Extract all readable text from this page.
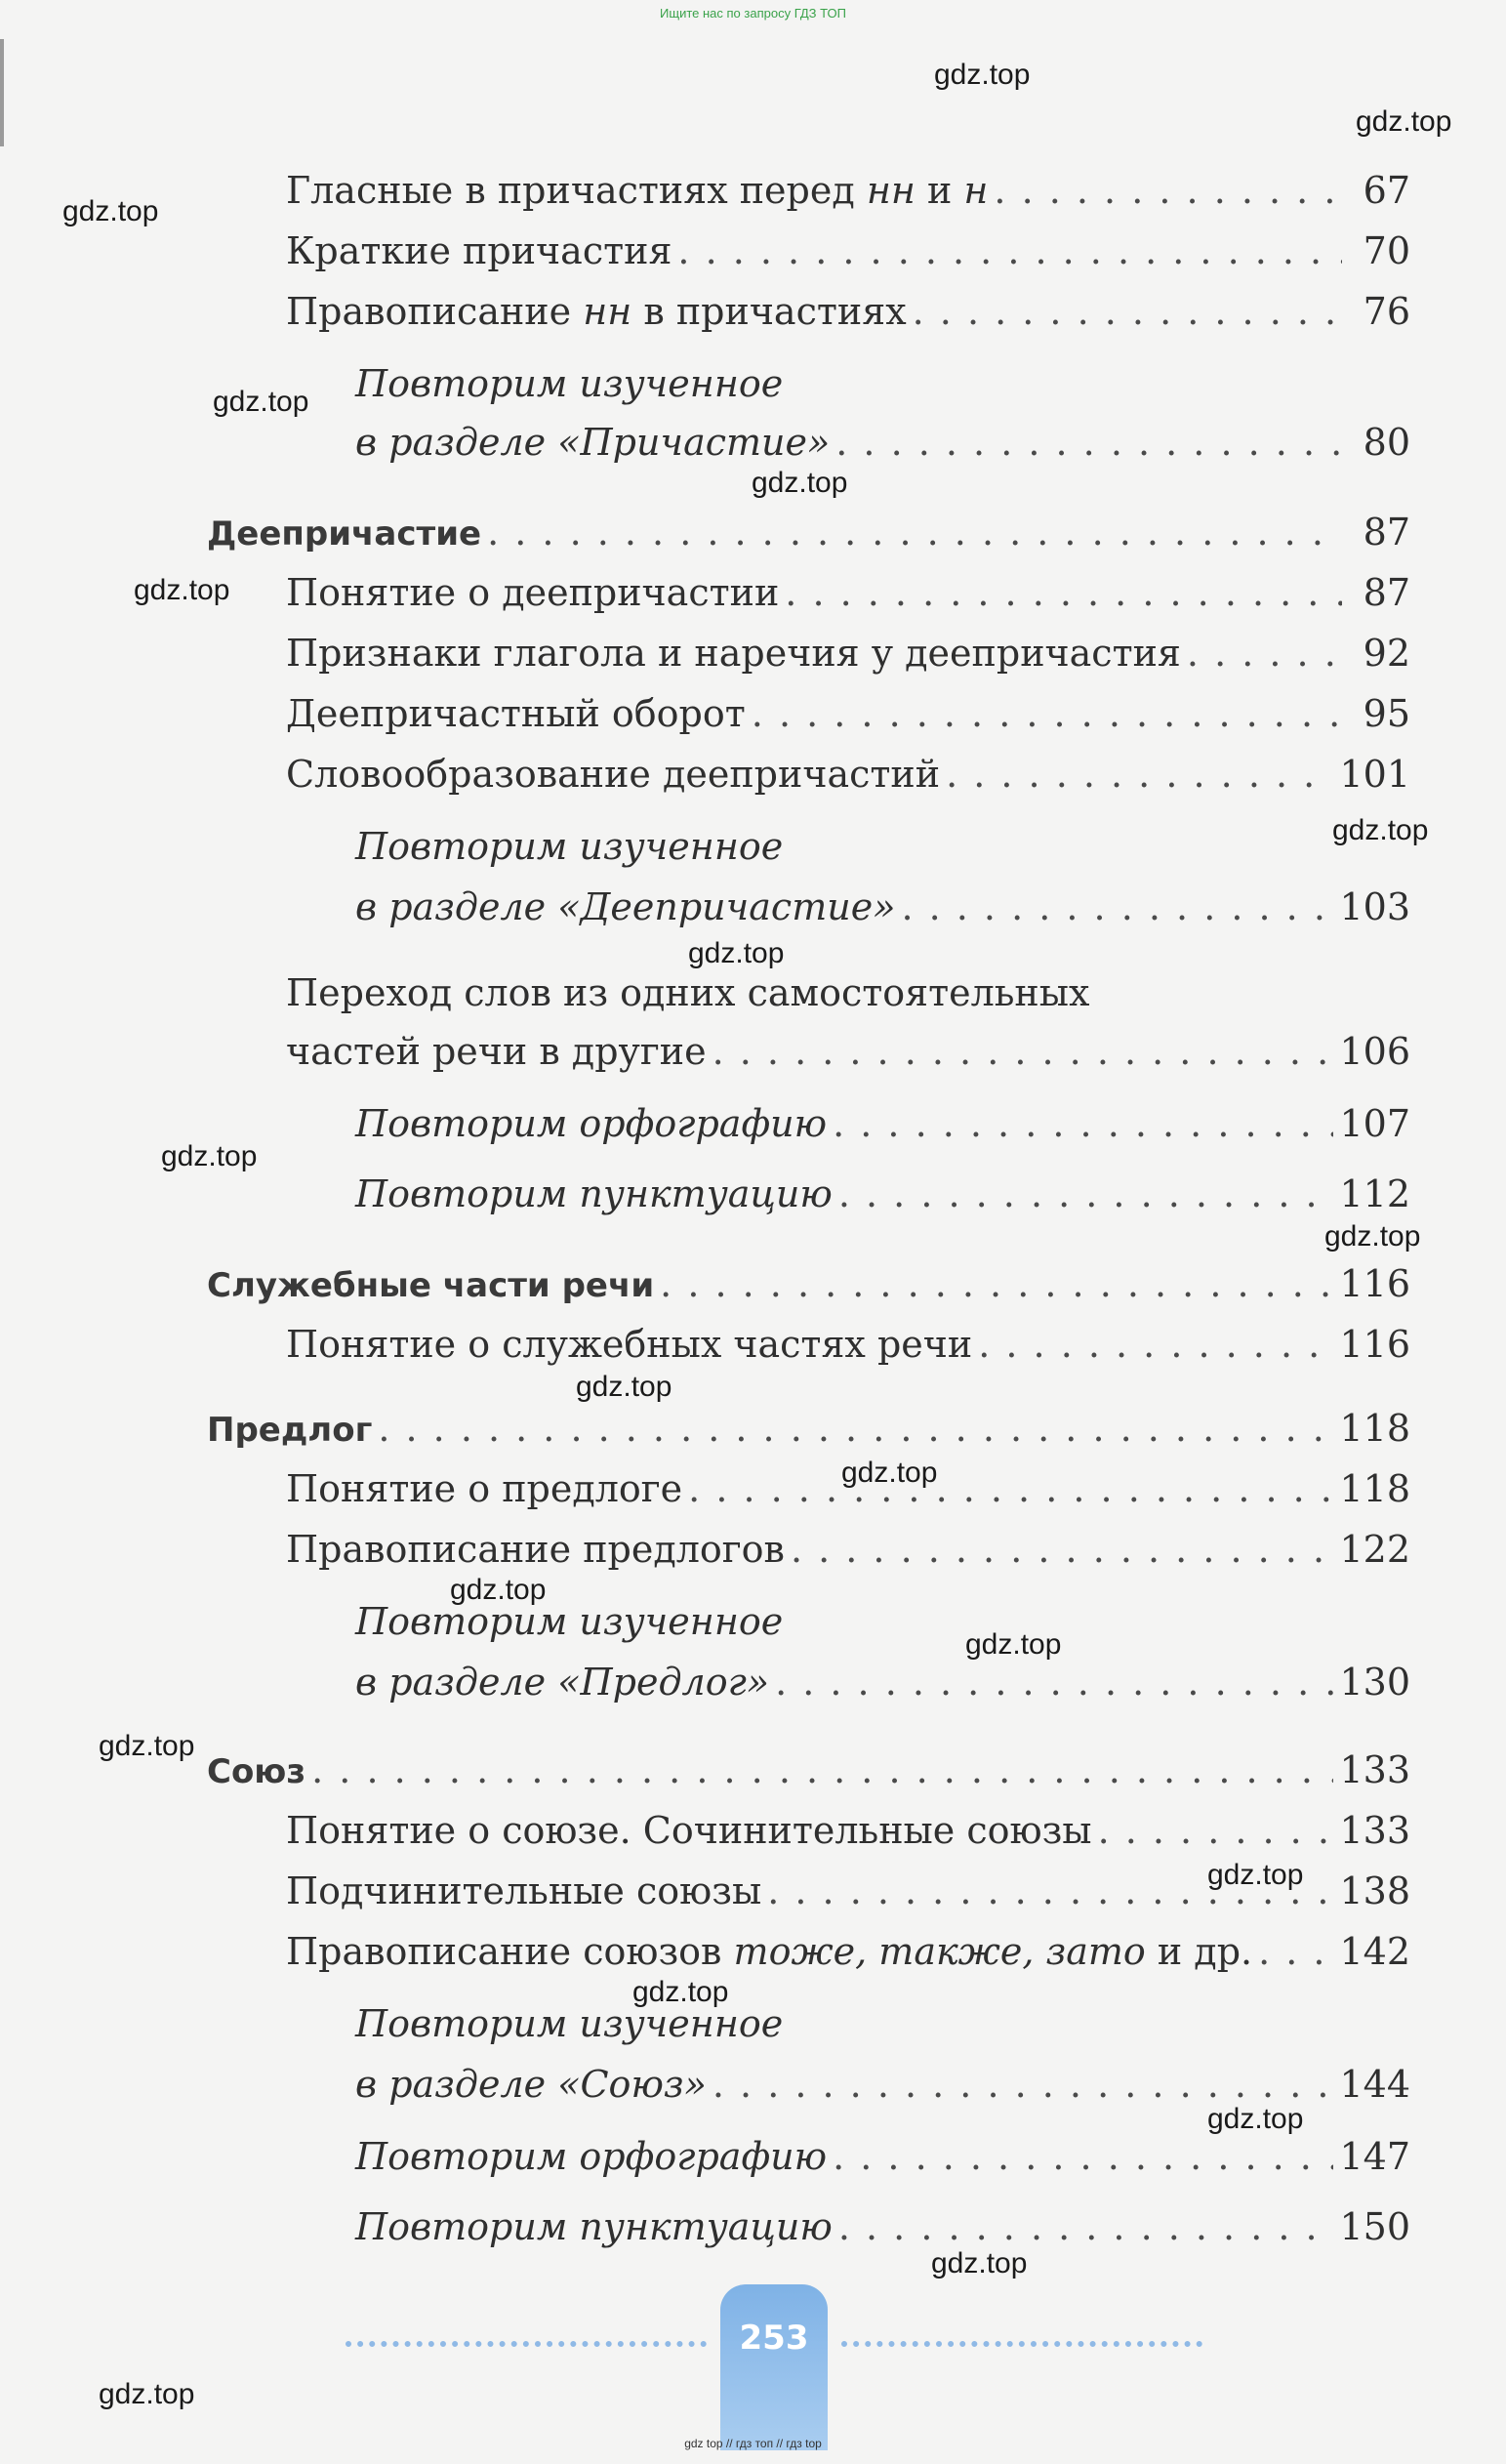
Ищите нас по запросу ГДЗ ТОП
Гласные в причастиях перед нн и н . . .	67
Краткие причастия . . .	70
Правописание нн в причастиях . . .	76
Повторим изученное
в разделе «Причастие» . . .	80
Деепричастие . . .	87
Понятие о деепричастии . . .	87
Признаки глагола и наречия у деепричастия . . .	92
Деепричастный оборот . . .	95
Словообразование деепричастий . . .	101
Повторим изученное
в разделе «Деепричастие» . . .	103
Переход слов из одних самостоятельных
частей речи в другие . . .	106
Повторим орфографию . . .	107
Повторим пунктуацию . . .	112
Служебные части речи . . .	116
Понятие о служебных частях речи . . .	116
Предлог . . .	118
Понятие о предлоге . . .	118
Правописание предлогов . . .	122
Повторим изученное
в разделе «Предлог» . . .	130
Союз . . .	133
Понятие о союзе. Сочинительные союзы . . .	133
Подчинительные союзы . . .	138
Правописание союзов тоже, также, зато и др. . . . 142
Повторим изученное
в разделе «Союз» . . .	144
Повторим орфографию . . .	147
Повторим пунктуацию . . .	150
gdz.top
gdz.top
gdz.top
gdz.top
gdz.top
gdz.top
gdz.top
gdz.top
gdz.top
gdz.top
gdz.top
gdz.top
gdz.top
gdz.top
gdz.top
gdz.top
gdz.top
gdz.top
gdz.top
gdz.top
253
gdz top // гдз топ // гдз top
